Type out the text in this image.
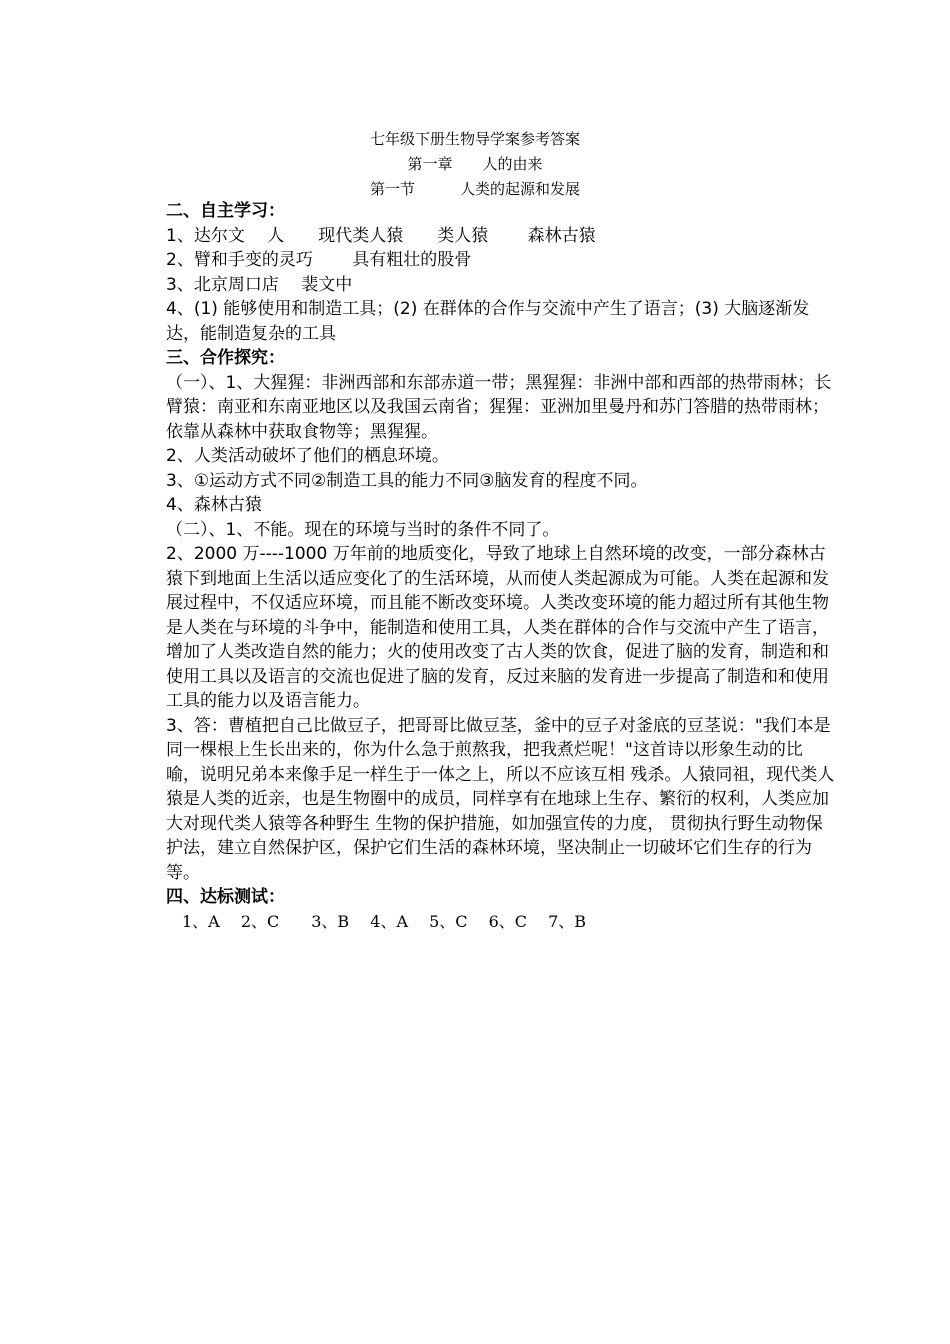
七年级下册生物导学案参考答案
第一章　　人的由来
第一节　　　人类的起源和发展

二、自主学习：

1、达尔文　 人　　现代类人猿　　类人猿　　 森林古猿

2、臂和手变的灵巧　　 具有粗壮的股骨

3、北京周口店　 裴文中

4、(1) 能够使用和制造工具；(2) 在群体的合作与交流中产生了语言；(3) 大脑逐渐发达，能制造复杂的工具

三、合作探究：

（一）、1、大猩猩：非洲西部和东部赤道一带；黑猩猩：非洲中部和西部的热带雨林；长臂猿：南亚和东南亚地区以及我国云南省；猩猩：亚洲加里曼丹和苏门答腊的热带雨林；依靠从森林中获取食物等；黑猩猩。

2、人类活动破坏了他们的栖息环境。

3、①运动方式不同②制造工具的能力不同③脑发育的程度不同。

4、森林古猿

（二）、1、不能。现在的环境与当时的条件不同了。

2、2000 万----1000 万年前的地质变化，导致了地球上自然环境的改变，一部分森林古猿下到地面上生活以适应变化了的生活环境，从而使人类起源成为可能。人类在起源和发展过程中，不仅适应环境，而且能不断改变环境。人类改变环境的能力超过所有其他生物是人类在与环境的斗争中，能制造和使用工具，人类在群体的合作与交流中产生了语言，增加了人类改造自然的能力；火的使用改变了古人类的饮食，促进了脑的发育，制造和和使用工具以及语言的交流也促进了脑的发育，反过来脑的发育进一步提高了制造和和使用工具的能力以及语言能力。

3、答：曹植把自己比做豆子，把哥哥比做豆茎，釜中的豆子对釜底的豆茎说："我们本是同一棵根上生长出来的，你为什么急于煎熬我，把我煮烂呢！"这首诗以形象生动的比喻，说明兄弟本来像手足一样生于一体之上，所以不应该互相 残杀。人猿同祖，现代类人猿是人类的近亲，也是生物圈中的成员，同样享有在地球上生存、繁衍的权利，人类应加大对现代类人猿等各种野生 生物的保护措施，如加强宣传的力度， 贯彻执行野生动物保护法，建立自然保护区，保护它们生活的森林环境，坚决制止一切破坏它们生存的行为等。

四、达标测试：

　1、A　 2、C　　3、B　 4、A　 5、C　 6、C　 7、B
